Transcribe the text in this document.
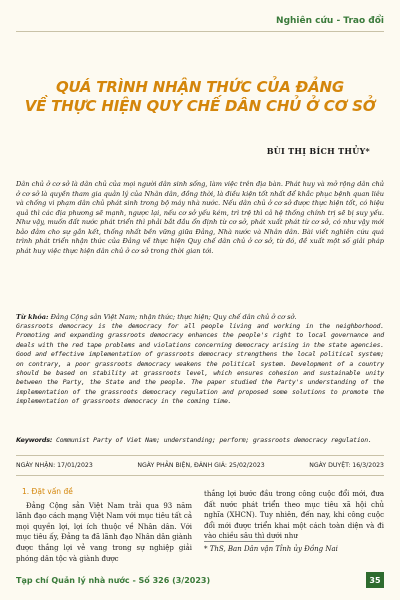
Nghiên cứu - Trao đổi
QUÁ TRÌNH NHẬN THỨC CỦA ĐẢNG
VỀ THỰC HIỆN QUY CHẾ DÂN CHỦ Ở CƠ SỞ
BÙI THỊ BÍCH THỦY*
Dân chủ ở cơ sở là dân chủ của mọi người dân sinh sống, làm việc trên địa bàn. Phát huy và mở rộng dân chủ ở cơ sở là quyền tham gia quản lý của Nhân dân, đồng thời, là điều kiện tốt nhất để khắc phục bệnh quan liêu và chống vi phạm dân chủ phát sinh trong bộ máy nhà nước. Nếu dân chủ ở cơ sở được thực hiện tốt, có hiệu quả thì các địa phương sẽ mạnh, ngược lại, nếu cơ sở yếu kém, trì trệ thì cả hệ thống chính trị sẽ bị suy yếu. Như vậy, muốn đất nước phát triển thì phải bắt đầu ổn định từ cơ sở, phát xuất phát từ cơ sở, có như vậy mới bảo đảm cho sự gắn kết, thống nhất bền vững giữa Đảng, Nhà nước và Nhân dân. Bài viết nghiên cứu quá trình phát triển nhận thức của Đảng về thực hiện Quy chế dân chủ ở cơ sở, từ đó, đề xuất một số giải pháp phát huy việc thực hiện dân chủ ở cơ sở trong thời gian tới.
Từ khóa: Đảng Cộng sản Việt Nam; nhận thức; thực hiện; Quy chế dân chủ ở cơ sở.
Grassroots democracy is the democracy for all people living and working in the neighborhood. Promoting and expanding grassroots democracy enhances the people's right to local governance and deals with the red tape problems and violations concerning democracy arising in the state agencies. Good and effective implementation of grassroots democracy strengthens the local political system; on contrary, a poor grassroots democracy weakens the political system. Development of a country should be based on stability at grassroots level, which ensures cohesion and sustainable unity between the Party, the State and the people. The paper studied the Party's understanding of the implementation of the grassroots democracy regulation and proposed some solutions to promote the implementation of grassroots democracy in the coming time.
Keywords: Communist Party of Viet Nam; understanding; perform; grassroots democracy regulation.
NGÀY NHẬN: 17/01/2023	NGÀY PHẢN BIỆN, ĐÁNH GIÁ: 25/02/2023	NGÀY DUYỆT: 16/3/2023
1. Đặt vấn đề

Đảng Cộng sản Việt Nam trải qua 93 năm lãnh đạo cách mạng Việt Nam với mục tiêu tất cả mọi quyền lợi, lợi ích thuộc về Nhân dân. Với mục tiêu ấy, Đảng ta đã lãnh đạo Nhân dân giành được thắng lợi vẻ vang trong sự nghiệp giải phóng dân tộc và giành được

thắng lợi bước đầu trong công cuộc đổi mới, đưa đất nước phát triển theo mục tiêu xã hội chủ nghĩa (XHCN). Tuy nhiên, đến nay, khi công cuộc đổi mới được triển khai một cách toàn diện và đi vào chiều sâu thì dưới như

* ThS, Ban Dân vận Tỉnh ủy Đồng Nai
Tạp chí Quản lý nhà nước - Số 326 (3/2023)	35
